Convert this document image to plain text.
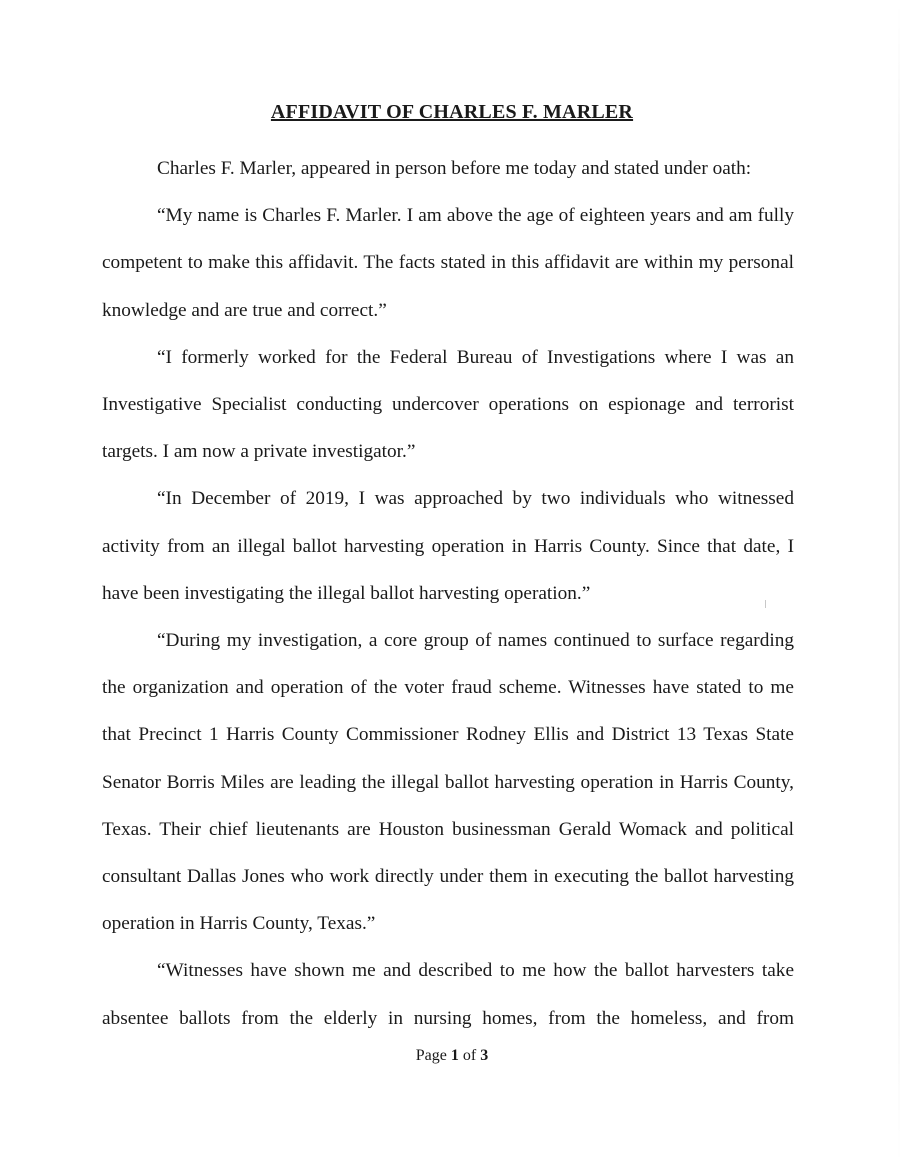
AFFIDAVIT OF CHARLES F. MARLER

Charles F. Marler, appeared in person before me today and stated under oath:

“My name is Charles F. Marler. I am above the age of eighteen years and am fully competent to make this affidavit. The facts stated in this affidavit are within my personal knowledge and are true and correct.”

“I formerly worked for the Federal Bureau of Investigations where I was an Investigative Specialist conducting undercover operations on espionage and terrorist targets. I am now a private investigator.”

“In December of 2019, I was approached by two individuals who witnessed activity from an illegal ballot harvesting operation in Harris County. Since that date, I have been investigating the illegal ballot harvesting operation.”

“During my investigation, a core group of names continued to surface regarding the organization and operation of the voter fraud scheme. Witnesses have stated to me that Precinct 1 Harris County Commissioner Rodney Ellis and District 13 Texas State Senator Borris Miles are leading the illegal ballot harvesting operation in Harris County, Texas. Their chief lieutenants are Houston businessman Gerald Womack and political consultant Dallas Jones who work directly under them in executing the ballot harvesting operation in Harris County, Texas.”

“Witnesses have shown me and described to me how the ballot harvesters take absentee ballots from the elderly in nursing homes, from the homeless, and from

Page 1 of 3
